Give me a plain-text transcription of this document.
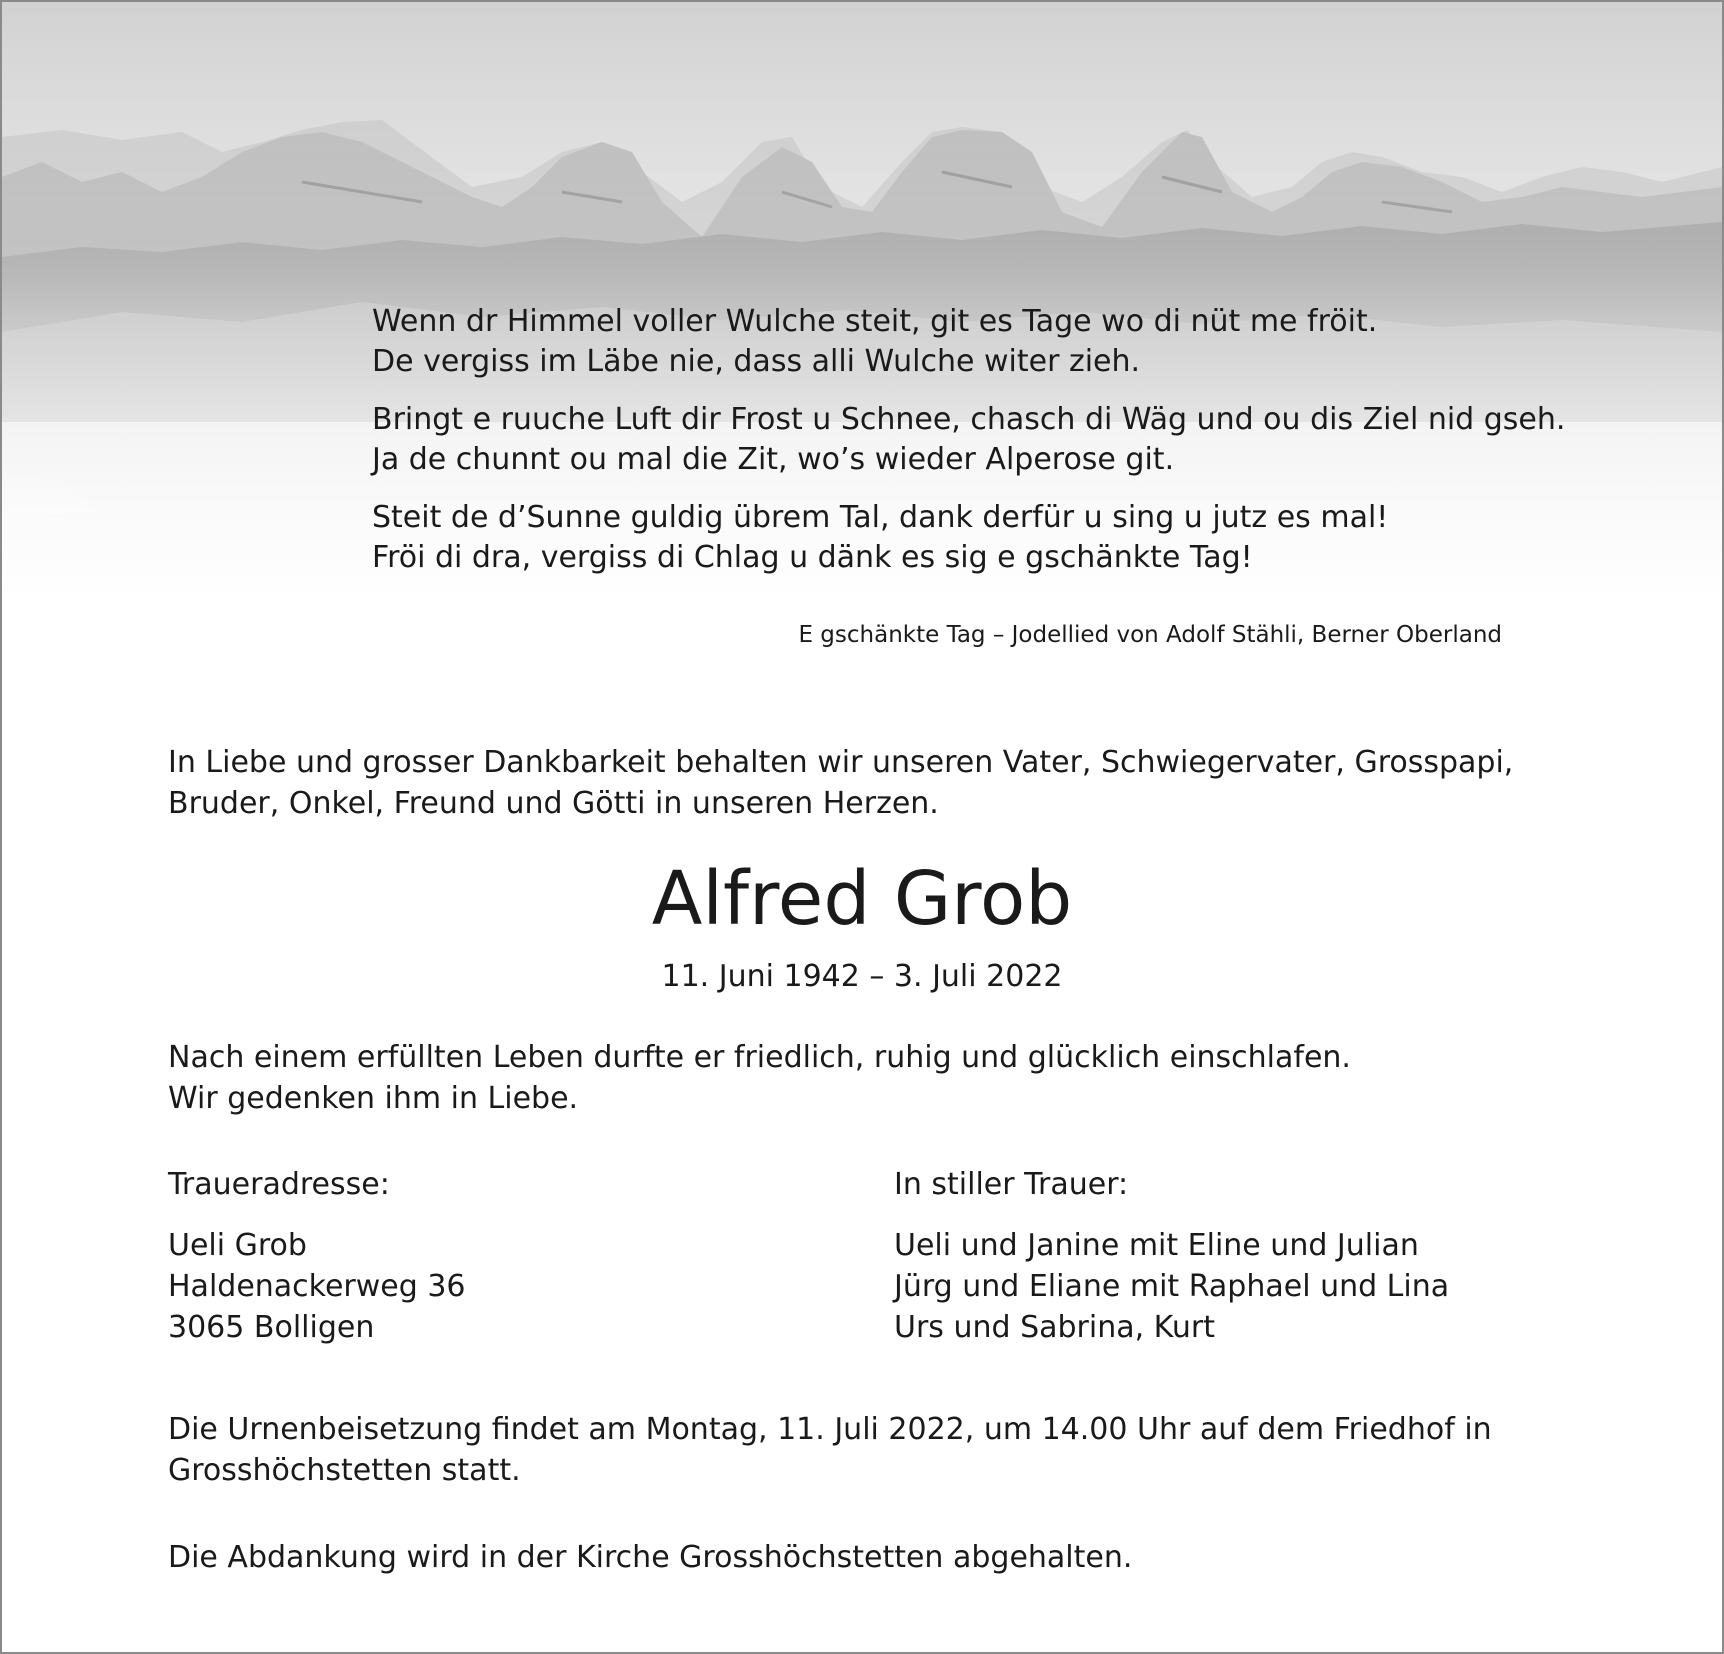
Wenn dr Himmel voller Wulche steit, git es Tage wo di nüt me fröit.
De vergiss im Läbe nie, dass alli Wulche witer zieh.
Bringt e ruuche Luft dir Frost u Schnee, chasch di Wäg und ou dis Ziel nid gseh.
Ja de chunnt ou mal die Zit, wo’s wieder Alperose git.
Steit de d’Sunne guldig übrem Tal, dank derfür u sing u jutz es mal!
Fröi di dra, vergiss di Chlag u dänk es sig e gschänkte Tag!
E gschänkte Tag – Jodellied von Adolf Stähli, Berner Oberland
In Liebe und grosser Dankbarkeit behalten wir unseren Vater, Schwiegervater, Grosspapi,
Bruder, Onkel, Freund und Götti in unseren Herzen.
Alfred Grob
11. Juni 1942 – 3. Juli 2022
Nach einem erfüllten Leben durfte er friedlich, ruhig und glücklich einschlafen.
Wir gedenken ihm in Liebe.
Traueradresse:
Ueli Grob
Haldenackerweg 36
3065 Bolligen
In stiller Trauer:
Ueli und Janine mit Eline und Julian
Jürg und Eliane mit Raphael und Lina
Urs und Sabrina, Kurt
Die Urnenbeisetzung findet am Montag, 11. Juli 2022, um 14.00 Uhr auf dem Friedhof in
Grosshöchstetten statt.
Die Abdankung wird in der Kirche Grosshöchstetten abgehalten.
